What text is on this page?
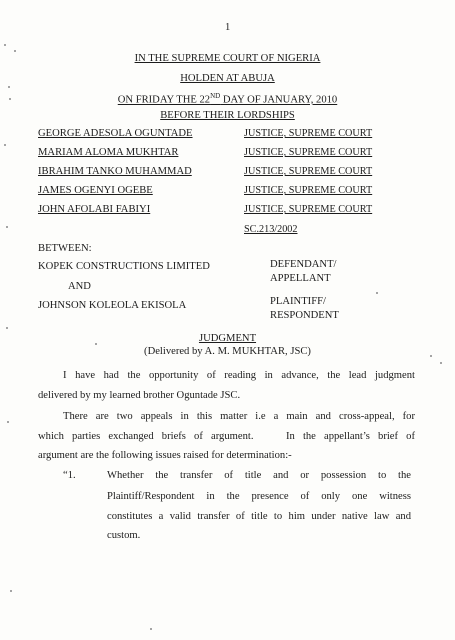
1
IN THE SUPREME COURT OF NIGERIA
HOLDEN AT ABUJA
ON FRIDAY THE 22ND DAY OF JANUARY, 2010
BEFORE THEIR LORDSHIPS
GEORGE ADESOLA OGUNTADE	JUSTICE, SUPREME COURT
MARIAM ALOMA MUKHTAR	JUSTICE, SUPREME COURT
IBRAHIM TANKO MUHAMMAD	JUSTICE, SUPREME COURT
JAMES OGENYI OGEBE	JUSTICE, SUPREME COURT
JOHN AFOLABI FABIYI	JUSTICE, SUPREME COURT
SC.213/2002
BETWEEN:
KOPEK CONSTRUCTIONS LIMITED	DEFENDANT/
APPELLANT
AND
JOHNSON KOLEOLA EKISOLA	PLAINTIFF/
RESPONDENT
JUDGMENT
(Delivered by A. M. MUKHTAR, JSC)
I have had the opportunity of reading in advance, the lead judgment
delivered by my learned brother Oguntade JSC.
There are two appeals in this matter i.e a main and cross-appeal, for
which parties exchanged briefs of argument.    In the appellant’s brief of
argument are the following issues raised for determination:-
“1.	Whether the transfer of title and or possession to the
Plaintiff/Respondent in the presence of only one witness
constitutes a valid transfer of title to him under native law and
custom.
